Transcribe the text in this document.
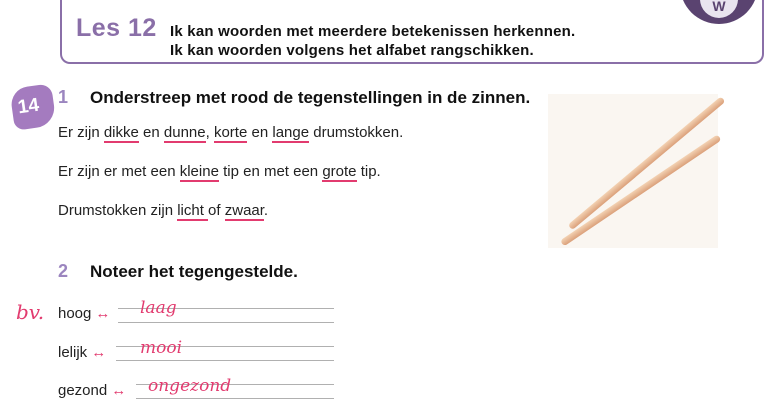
Les 12 Ik kan woorden met meerdere betekenissen herkennen.
Ik kan woorden volgens het alfabet rangschikken.
W
14 1 Onderstreep met rood de tegenstellingen in de zinnen.
Er zijn dikke en dunne, korte en lange drumstokken.
Er zijn er met een kleine tip en met een grote tip.
Drumstokken zijn licht of zwaar.
2 Noteer het tegengestelde.
bv. hoog ↔ laag
lelijk ↔ mooi
gezond ↔ ongezond
